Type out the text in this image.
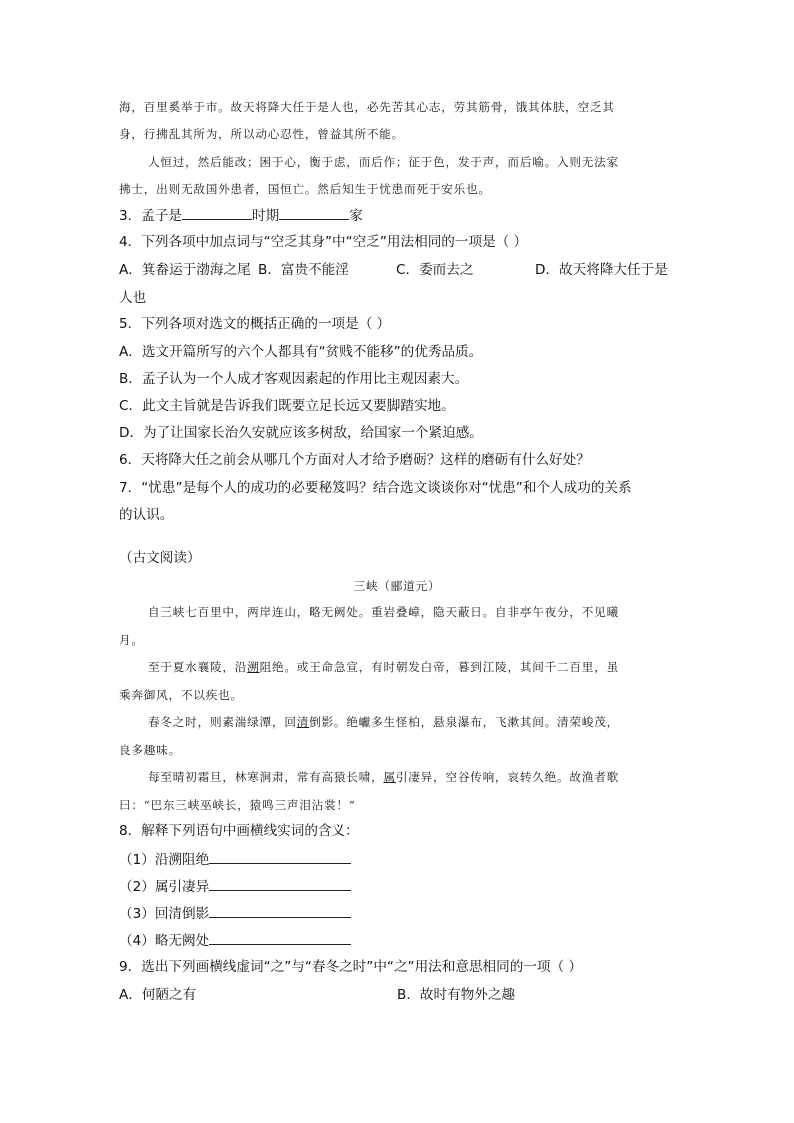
海，百里奚举于市。故天将降大任于是人也，必先苦其心志，劳其筋骨，饿其体肤，空乏其
身，行拂乱其所为，所以动心忍性，曾益其所不能。
人恒过，然后能改；困于心，衡于虑，而后作；征于色，发于声，而后喻。入则无法家
拂士，出则无敌国外患者，国恒亡。然后知生于忧患而死于安乐也。
3．孟子是	时期	家
4．下列各项中加点词与“空乏其身”中“空乏”用法相同的一项是（ ）
A．箕畚运于渤海之尾 B．富贵不能淫	C．委而去之	D．故天将降大任于是
人也
5．下列各项对选文的概括正确的一项是（ ）
A．选文开篇所写的六个人都具有“贫贱不能移”的优秀品质。
B．孟子认为一个人成才客观因素起的作用比主观因素大。
C．此文主旨就是告诉我们既要立足长远又要脚踏实地。
D．为了让国家长治久安就应该多树敌，给国家一个紧迫感。
6．天将降大任之前会从哪几个方面对人才给予磨砺？这样的磨砺有什么好处？
7．“忧患”是每个人的成功的必要秘笈吗？结合选文谈谈你对“忧患”和个人成功的关系
的认识。
（古文阅读）
三峡（郦道元）
自三峡七百里中，两岸连山，略无阙处。重岩叠嶂，隐天蔽日。自非亭午夜分，不见曦
月。
至于夏水襄陵，沿溯阻绝。或王命急宣，有时朝发白帝，暮到江陵，其间千二百里，虽
乘奔御风，不以疾也。
春冬之时，则素湍绿潭，回清倒影。绝巘多生怪柏，悬泉瀑布，飞漱其间。清荣峻茂，
良多趣味。
每至晴初霜旦，林寒涧肃，常有高猿长啸，属引凄异，空谷传响，哀转久绝。故渔者歌
曰：“巴东三峡巫峡长，猿鸣三声泪沾裳！”
8．解释下列语句中画横线实词的含义：
（1）沿溯阻绝
（2）属引凄异
（3）回清倒影
（4）略无阙处
9．选出下列画横线虚词“之”与“春冬之时”中“之”用法和意思相同的一项（ ）
A．何陋之有	B．故时有物外之趣
